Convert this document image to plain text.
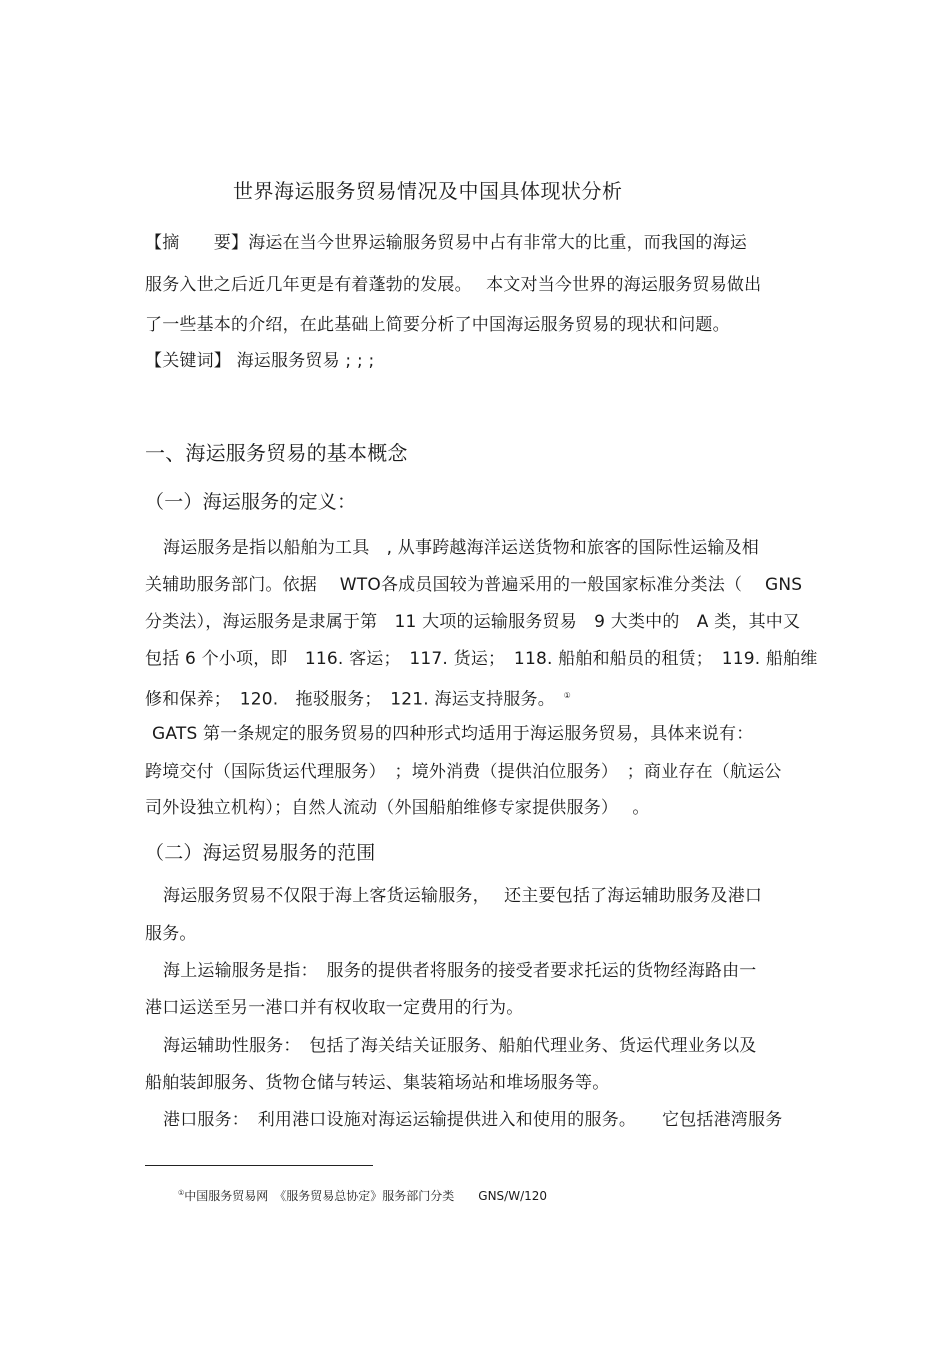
世界海运服务贸易情况及中国具体现状分析
【摘　　要】海运在当今世界运输服务贸易中占有非常大的比重，而我国的海运
服务入世之后近几年更是有着蓬勃的发展。　 本文对当今世界的海运服务贸易做出
了一些基本的介绍，在此基础上简要分析了中国海运服务贸易的现状和问题。
【关键词】 海运服务贸易 ; ; ;
一、海运服务贸易的基本概念
（一）海运服务的定义：
海运服务是指以船舶为工具　, 从事跨越海洋运送货物和旅客的国际性运输及相
关辅助服务部门。依据　 WTO各成员国较为普遍采用的一般国家标准分类法（　 GNS
分类法），海运服务是隶属于第　11 大项的运输服务贸易　9 大类中的　A 类，其中又
包括 6 个小项，即　116. 客运；　117. 货运；　118. 船舶和船员的租赁；　119. 船舶维
修和保养；　120.　拖驳服务；　121. 海运支持服务。　 ①
GATS 第一条规定的服务贸易的四种形式均适用于海运服务贸易，具体来说有：
跨境交付（国际货运代理服务）　；境外消费（提供泊位服务）　；商业存在（航运公
司外设独立机构）；自然人流动（外国船舶维修专家提供服务）　 。
（二）海运贸易服务的范围
海运服务贸易不仅限于海上客货运输服务，　 还主要包括了海运辅助服务及港口
服务。
海上运输服务是指：　服务的提供者将服务的接受者要求托运的货物经海路由一
港口运送至另一港口并有权收取一定费用的行为。
海运辅助性服务：　包括了海关结关证服务、船舶代理业务、货运代理业务以及
船舶装卸服务、货物仓储与转运、集装箱场站和堆场服务等。
港口服务：　利用港口设施对海运运输提供进入和使用的服务。　　它包括港湾服务
①中国服务贸易网　《服务贸易总协定》服务部门分类　　GNS/W/120
